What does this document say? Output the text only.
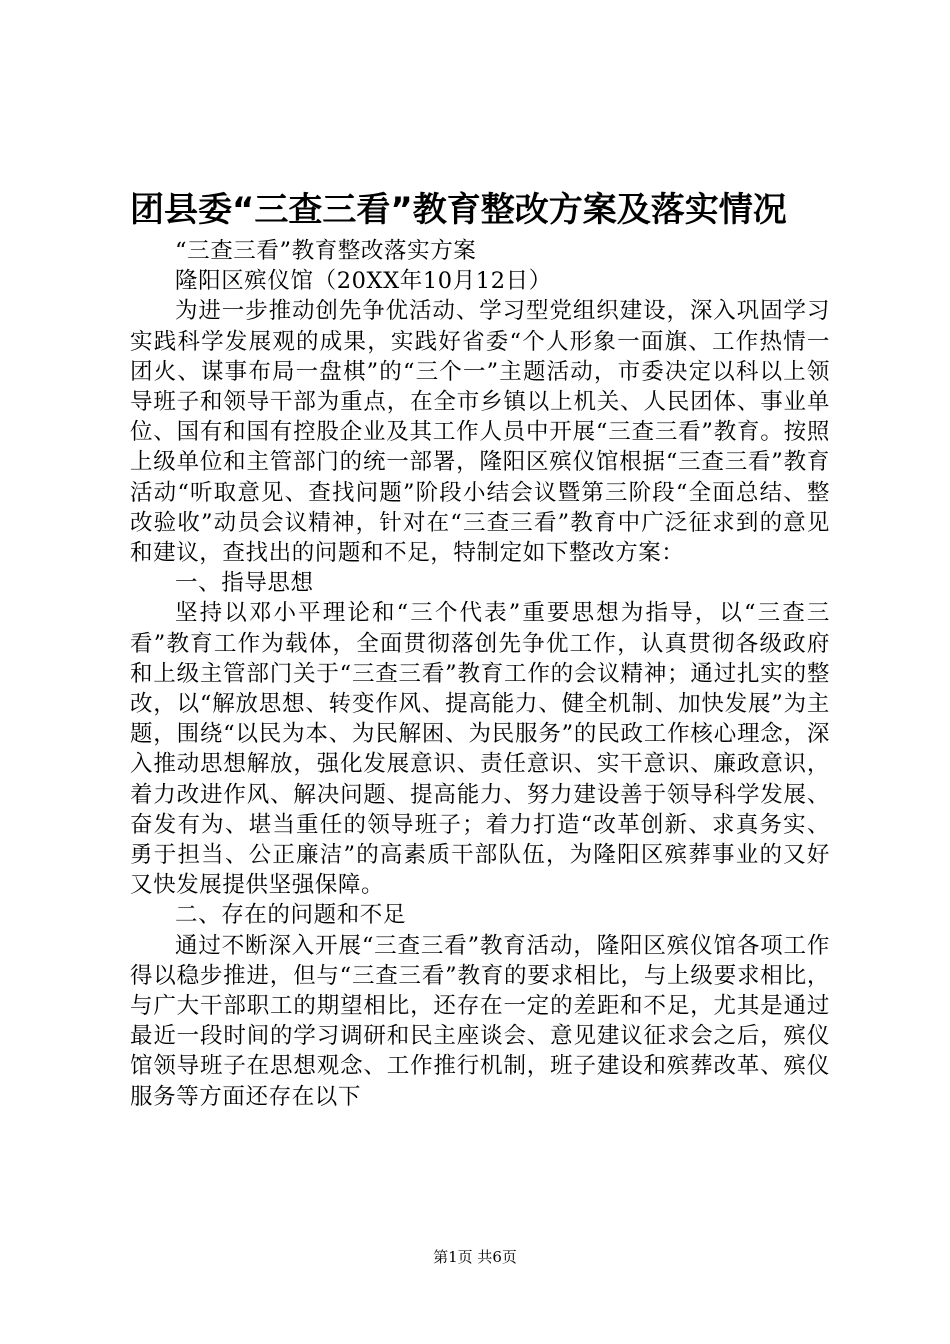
团县委“三查三看”教育整改方案及落实情况

“三查三看”教育整改落实方案

隆阳区殡仪馆（20XX年10月12日）

为进一步推动创先争优活动、学习型党组织建设，深入巩固学习实践科学发展观的成果，实践好省委“个人形象一面旗、工作热情一团火、谋事布局一盘棋”的“三个一”主题活动，市委决定以科以上领导班子和领导干部为重点，在全市乡镇以上机关、人民团体、事业单位、国有和国有控股企业及其工作人员中开展“三查三看”教育。按照上级单位和主管部门的统一部署，隆阳区殡仪馆根据“三查三看”教育活动“听取意见、查找问题”阶段小结会议暨第三阶段“全面总结、整改验收”动员会议精神，针对在“三查三看”教育中广泛征求到的意见和建议，查找出的问题和不足，特制定如下整改方案：

一、指导思想

坚持以邓小平理论和“三个代表”重要思想为指导，以“三查三看”教育工作为载体，全面贯彻落创先争优工作，认真贯彻各级政府和上级主管部门关于“三查三看”教育工作的会议精神；通过扎实的整改，以“解放思想、转变作风、提高能力、健全机制、加快发展”为主题，围绕“以民为本、为民解困、为民服务”的民政工作核心理念，深入推动思想解放，强化发展意识、责任意识、实干意识、廉政意识，着力改进作风、解决问题、提高能力、努力建设善于领导科学发展、奋发有为、堪当重任的领导班子；着力打造“改革创新、求真务实、勇于担当、公正廉洁”的高素质干部队伍，为隆阳区殡葬事业的又好又快发展提供坚强保障。

二、存在的问题和不足

通过不断深入开展“三查三看”教育活动，隆阳区殡仪馆各项工作得以稳步推进，但与“三查三看”教育的要求相比，与上级要求相比，与广大干部职工的期望相比，还存在一定的差距和不足，尤其是通过最近一段时间的学习调研和民主座谈会、意见建议征求会之后，殡仪馆领导班子在思想观念、工作推行机制，班子建设和殡葬改革、殡仪服务等方面还存在以下

第1页 共6页
